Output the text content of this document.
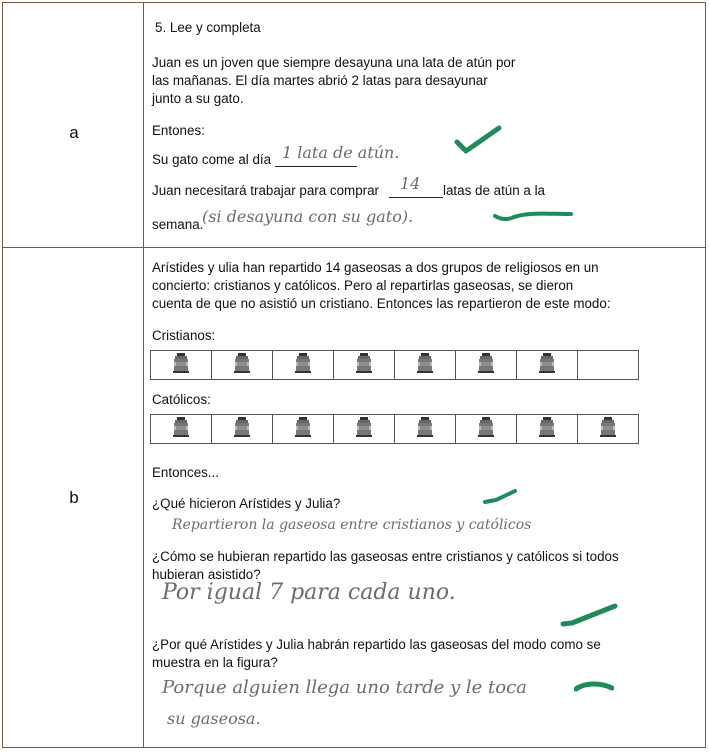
a
5. Lee y completa
Juan es un joven que siempre desayuna una lata de atún por
las mañanas. El día martes abrió 2 latas para desayunar
junto a su gato.
Entones:
Su gato come al día 1 lata de atún.
Juan necesitará trabajar para comprar 14 latas de atún a la
semana.
(si desayuna con su gato).
b
Arístides y ulia han repartido 14 gaseosas a dos grupos de religiosos en un
concierto: cristianos y católicos. Pero al repartirlas gaseosas, se dieron
cuenta de que no asistió un cristiano. Entonces las repartieron de este modo:
Cristianos:
Católicos:
Entonces...
¿Qué hicieron Arístides y Julia?
Repartieron la gaseosa entre cristianos y católicos
¿Cómo se hubieran repartido las gaseosas entre cristianos y católicos si todos
hubieran asistido?
Por igual 7 para cada uno.
¿Por qué Arístides y Julia habrán repartido las gaseosas del modo como se
muestra en la figura?
Porque alguien llega uno tarde y le toca
su gaseosa.
